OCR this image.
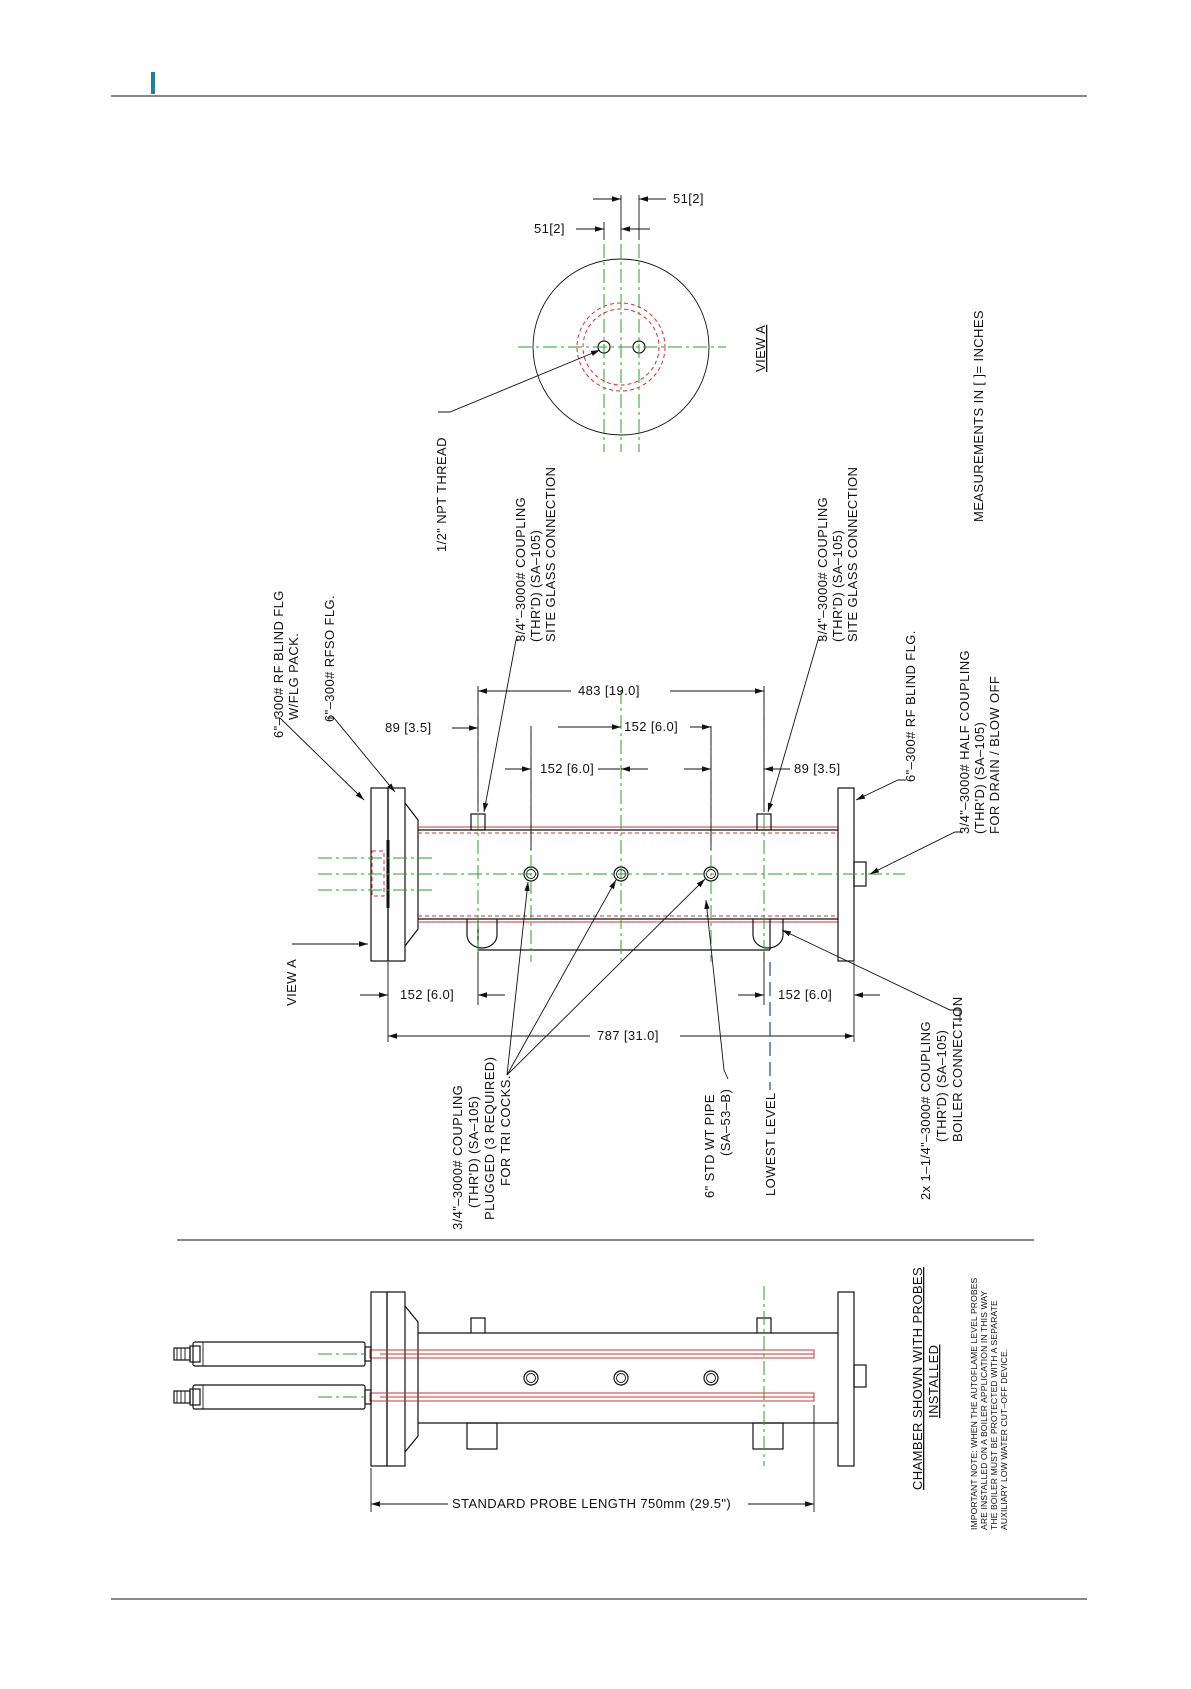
51[2]
51[2]
VIEW A	MEASUREMENTS IN [ ]= INCHES
1/2" NPT THREAD
483 [19.0]
152 [6.0]
152 [6.0]
89 [3.5]
89 [3.5]
152 [6.0]	152 [6.0]
787 [31.0]
6"–300# RF BLIND FLG W/FLG PACK. 6"–300# RFSO FLG.
3/4"–3000# COUPLING (THR'D) (SA–105) SITE GLASS CONNECTION	3/4"–3000# COUPLING (THR'D) (SA–105) SITE GLASS CONNECTION
6"–300# RF BLIND FLG.	3/4"–3000# HALF COUPLING (THR'D) (SA–105) FOR DRAIN / BLOW OFF
VIEW A
3/4"–3000# COUPLING (THR'D) (SA–105) PLUGGED (3 REQUIRED) FOR TRI COCKS.	6" STD WT PIPE (SA–53–B) LOWEST LEVEL	2x 1–1/4"–3000# COUPLING (THR'D) (SA–105) BOILER CONNECTION
STANDARD PROBE LENGTH 750mm (29.5")
CHAMBER SHOWN WITH PROBES INSTALLED	IMPORTANT NOTE: WHEN THE AUTOFLAME LEVEL PROBES ARE INSTALLED ON A BOILER APPLICATION IN THIS WAY THE BOILER MUST BE PROTECTED WITH A SEPARATE AUXILIARY LOW WATER CUT–OFF DEVICE.
